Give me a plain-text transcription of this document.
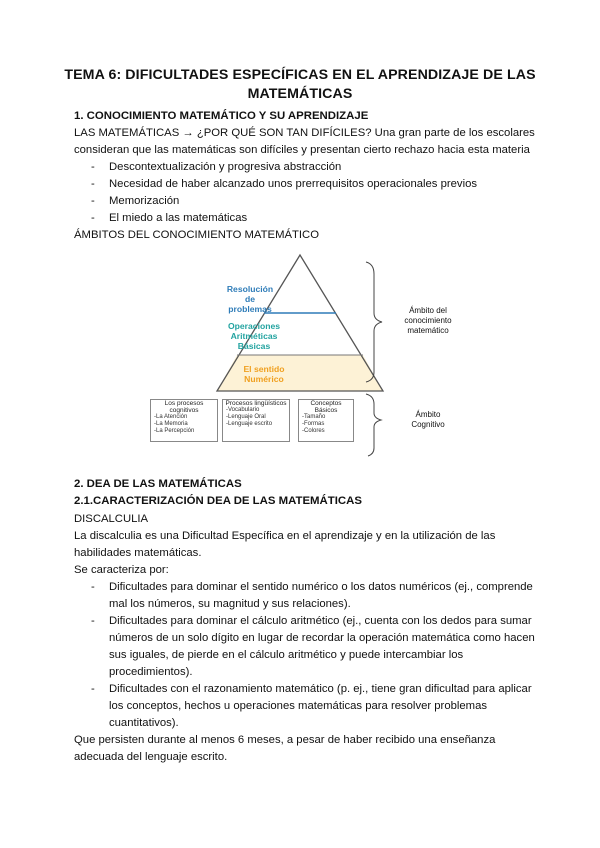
TEMA 6: DIFICULTADES ESPECÍFICAS EN EL APRENDIZAJE DE LAS
MATEMÁTICAS
1. CONOCIMIENTO MATEMÁTICO Y SU APRENDIZAJE
LAS MATEMÁTICAS → ¿POR QUÉ SON TAN DIFÍCILES? Una gran parte de los escolares
consideran que las matemáticas son difíciles y presentan cierto rechazo hacia esta materia
- Descontextualización y progresiva abstracción
- Necesidad de haber alcanzado unos prerrequisitos operacionales previos
- Memorización
- El miedo a las matemáticas
ÁMBITOS DEL CONOCIMIENTO MATEMÁTICO
Resolución
de
problemas
Operaciones
Aritméticas
Básicas
El sentido
Numérico
Los procesos
cognitivos
-La Atención
-La Memoria
-La Percepción
Procesos lingüísticos
-Vocabulario
-Lenguaje Oral
-Lenguaje escrito
Conceptos
Básicos
-Tamaño
-Formas
-Colores
Ámbito del
conocimiento
matemático
Ámbito
Cognitivo
2. DEA DE LAS MATEMÁTICAS
2.1.CARACTERIZACIÓN DEA DE LAS MATEMÁTICAS
DISCALCULIA
La discalculia es una Dificultad Específica en el aprendizaje y en la utilización de las
habilidades matemáticas.
Se caracteriza por:
- Dificultades para dominar el sentido numérico o los datos numéricos (ej., comprende
mal los números, su magnitud y sus relaciones).
- Dificultades para dominar el cálculo aritmético (ej., cuenta con los dedos para sumar
números de un solo dígito en lugar de recordar la operación matemática como hacen
sus iguales, de pierde en el cálculo aritmético y puede intercambiar los
procedimientos).
- Dificultades con el razonamiento matemático (p. ej., tiene gran dificultad para aplicar
los conceptos, hechos u operaciones matemáticas para resolver problemas
cuantitativos).
Que persisten durante al menos 6 meses, a pesar de haber recibido una enseñanza
adecuada del lenguaje escrito.
